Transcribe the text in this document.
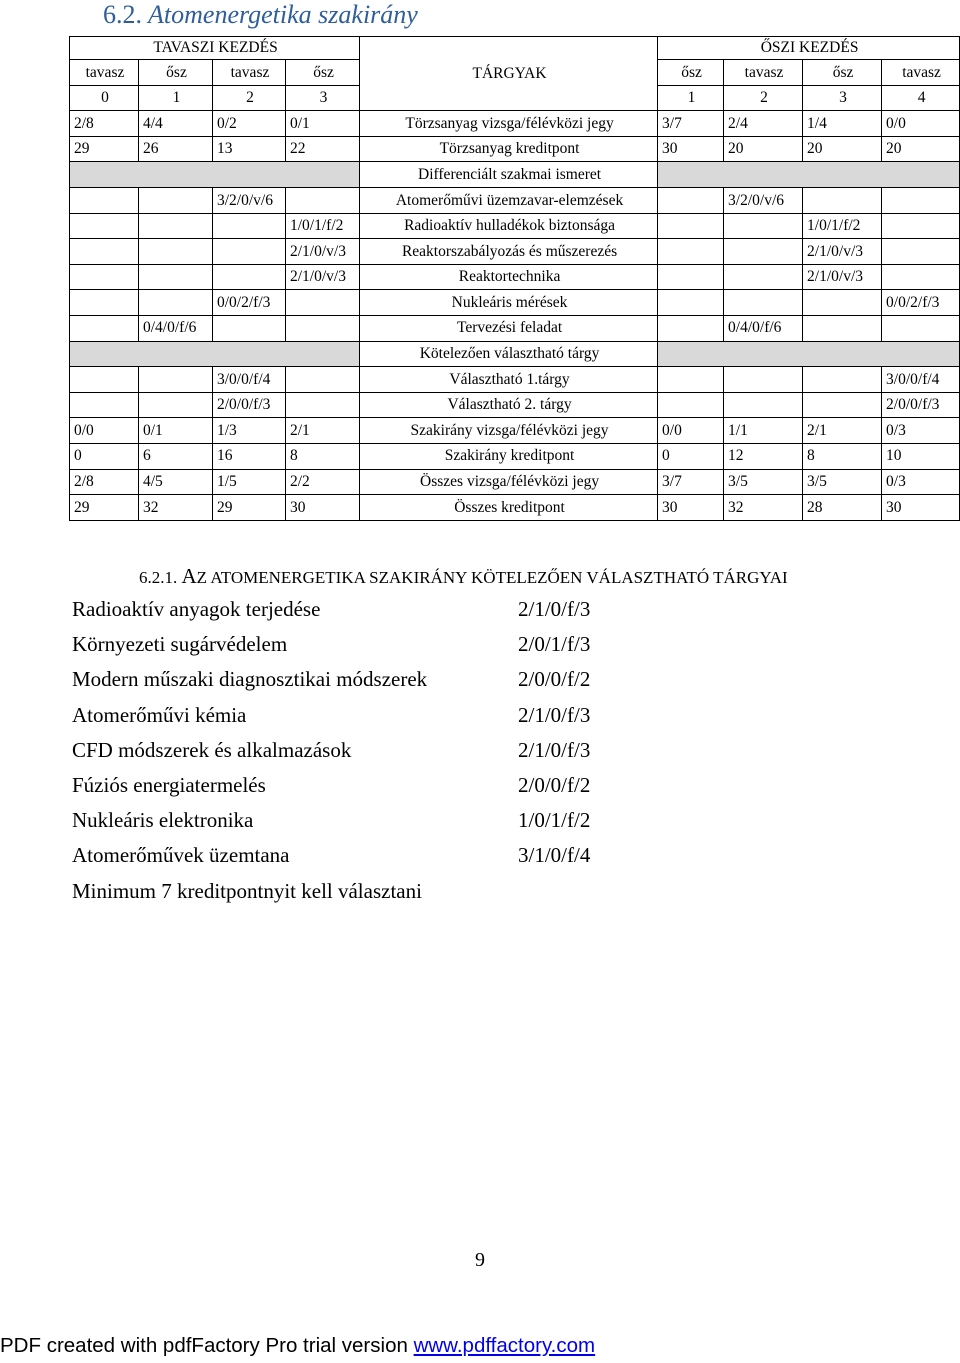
6.2. Atomenergetika szakirány
TAVASZI KEZDÉS				TÁRGYAK	ŐSZI KEZDÉS			
tavasz	ősz	tavasz	ősz		ősz	tavasz	ősz	tavasz
0	1	2	3		1	2	3	4
2/8	4/4	0/2	0/1	Törzsanyag vizsga/félévközi jegy	3/7	2/4	1/4	0/0
29	26	13	22	Törzsanyag kreditpont	30	20	20	20
				Differenciált szakmai ismeret				
		3/2/0/v/6		Atomerőművi üzemzavar-elemzések		3/2/0/v/6		
			1/0/1/f/2	Radioaktív hulladékok biztonsága			1/0/1/f/2	
			2/1/0/v/3	Reaktorszabályozás és műszerezés			2/1/0/v/3	
			2/1/0/v/3	Reaktortechnika			2/1/0/v/3	
		0/0/2/f/3		Nukleáris mérések				0/0/2/f/3
	0/4/0/f/6			Tervezési feladat		0/4/0/f/6		
				Kötelezően választható tárgy				
		3/0/0/f/4		Választható 1.tárgy				3/0/0/f/4
		2/0/0/f/3		Választható 2. tárgy				2/0/0/f/3
0/0	0/1	1/3	2/1	Szakirány vizsga/félévközi jegy	0/0	1/1	2/1	0/3
0	6	16	8	Szakirány kreditpont	0	12	8	10
2/8	4/5	1/5	2/2	Összes vizsga/félévközi jegy	3/7	3/5	3/5	0/3
29	32	29	30	Összes kreditpont	30	32	28	30
6.2.1. AZ ATOMENERGETIKA SZAKIRÁNY KÖTELEZŐEN VÁLASZTHATÓ TÁRGYAI
Radioaktív anyagok terjedése	2/1/0/f/3
Környezeti sugárvédelem	2/0/1/f/3
Modern műszaki diagnosztikai módszerek	2/0/0/f/2
Atomerőművi kémia	2/1/0/f/3
CFD módszerek és alkalmazások	2/1/0/f/3
Fúziós energiatermelés	2/0/0/f/2
Nukleáris elektronika	1/0/1/f/2
Atomerőművek üzemtana	3/1/0/f/4
Minimum 7 kreditpontnyit kell választani
9
PDF created with pdfFactory Pro trial version www.pdffactory.com
